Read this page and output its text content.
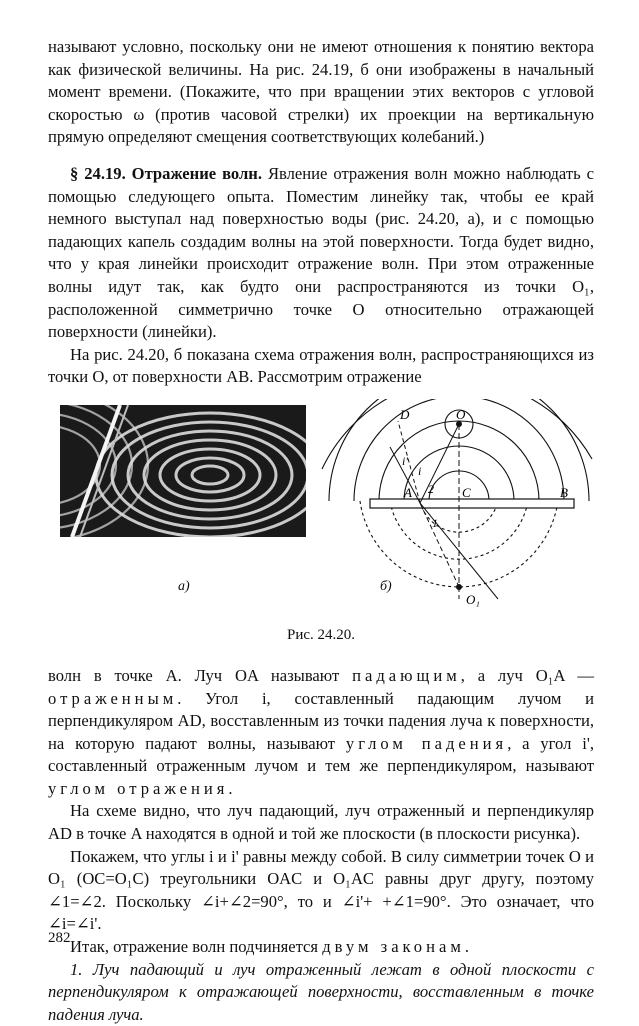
называют условно, поскольку они не имеют отношения к понятию вектора как физической величины. На рис. 24.19, б они изображены в начальный момент времени. (Покажите, что при вращении этих векторов с угловой скоростью ω (против часовой стрелки) их проекции на вертикальную прямую определяют смещения соответствующих колебаний.)

§ 24.19. Отражение волн. Явление отражения волн можно наблюдать с помощью следующего опыта. Поместим линейку так, чтобы ее край немного выступал над поверхностью воды (рис. 24.20, а), и с помощью падающих капель создадим волны на этой поверхности. Тогда будет видно, что у края линейки происходит отражение волн. При этом отраженные волны идут так, как будто они распространяются из точки O₁, расположенной симметрично точке O относительно отражающей поверхности (линейки).

На рис. 24.20, б показана схема отражения волн, распространяющихся из точки O, от поверхности AB. Рассмотрим отражение

O
D
A	C	B
O₁
i'
i
2
1
а)	б)
Рис. 24.20.

волн в точке A. Луч OA называют падающим, а луч O₁A — отраженным. Угол i, составленный падающим лучом и перпендикуляром AD, восставленным из точки падения луча к поверхности, на которую падают волны, называют углом падения, а угол i', составленный отраженным лучом и тем же перпендикуляром, называют углом отражения.

На схеме видно, что луч падающий, луч отраженный и перпендикуляр AD в точке A находятся в одной и той же плоскости (в плоскости рисунка).

Покажем, что углы i и i' равны между собой. В силу симметрии точек O и O₁ (OC=O₁C) треугольники OAC и O₁AC равны друг другу, поэтому ∠1=∠2. Поскольку ∠i+∠2=90°, то и ∠i'+ +∠1=90°. Это означает, что ∠i=∠i'.

Итак, отражение волн подчиняется двум законам.

1. Луч падающий и луч отраженный лежат в одной плоскости с перпендикуляром к отражающей поверхности, восставленным в точке падения луча.

282
